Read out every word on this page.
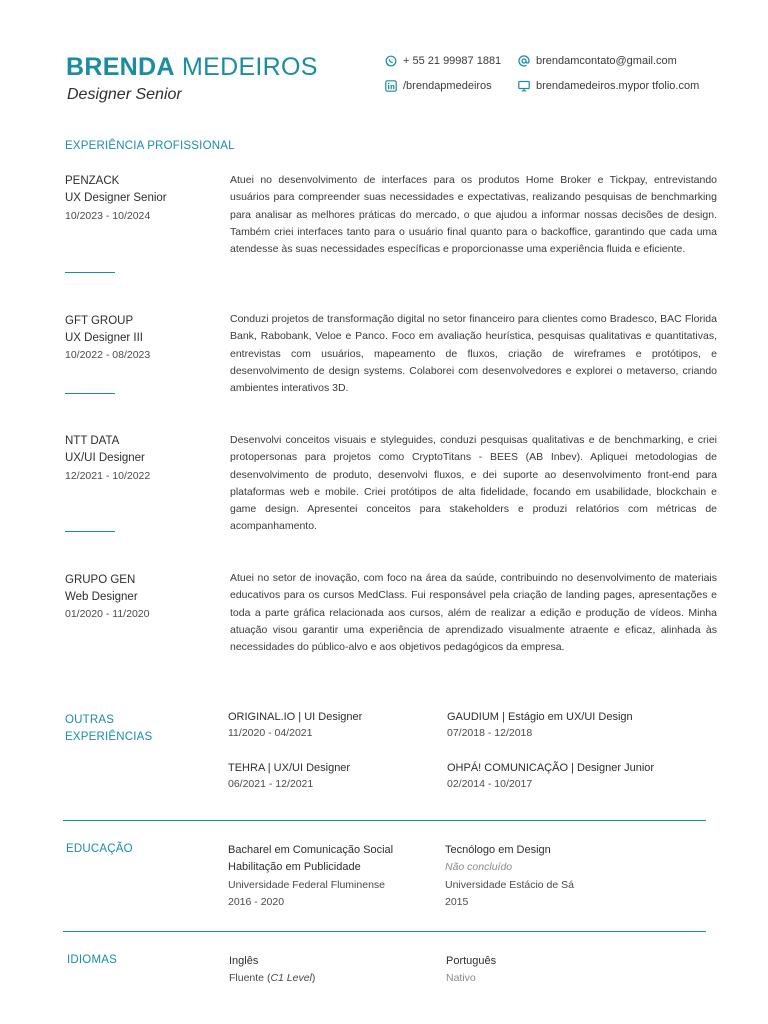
BRENDA MEDEIROS
Designer Senior
+ 55 21 99987 1881	brendamcontato@gmail.com
/brendapmedeiros	brendamedeiros.mypor tfolio.com
EXPERIÊNCIA PROFISSIONAL
PENZACK
UX Designer Senior
10/2023 - 10/2024
Atuei no desenvolvimento de interfaces para os produtos Home Broker e Tickpay, entrevistando usuários para compreender suas necessidades e expectativas, realizando pesquisas de benchmarking para analisar as melhores práticas do mercado, o que ajudou a informar nossas decisões de design. Também criei interfaces tanto para o usuário final quanto para o backoffice, garantindo que cada uma atendesse às suas necessidades específicas e proporcionasse uma experiência fluida e eficiente.
GFT GROUP
UX Designer III
10/2022 - 08/2023
Conduzi projetos de transformação digital no setor financeiro para clientes como Bradesco, BAC Florida Bank, Rabobank, Veloe e Panco. Foco em avaliação heurística, pesquisas qualitativas e quantitativas, entrevistas com usuários, mapeamento de fluxos, criação de wireframes e protótipos, e desenvolvimento de design systems. Colaborei com desenvolvedores e explorei o metaverso, criando ambientes interativos 3D.
NTT DATA
UX/UI Designer
12/2021 - 10/2022
Desenvolvi conceitos visuais e styleguides, conduzi pesquisas qualitativas e de benchmarking, e criei protopersonas para projetos como CryptoTitans - BEES (AB Inbev). Apliquei metodologias de desenvolvimento de produto, desenvolvi fluxos, e dei suporte ao desenvolvimento front-end para plataformas web e mobile. Criei protótipos de alta fidelidade, focando em usabilidade, blockchain e game design. Apresentei conceitos para stakeholders e produzi relatórios com métricas de acompanhamento.
GRUPO GEN
Web Designer
01/2020 - 11/2020
Atuei no setor de inovação, com foco na área da saúde, contribuindo no desenvolvimento de materiais educativos para os cursos MedClass. Fui responsável pela criação de landing pages, apresentações e toda a parte gráfica relacionada aos cursos, além de realizar a edição e produção de vídeos. Minha atuação visou garantir uma experiência de aprendizado visualmente atraente e eficaz, alinhada às necessidades do público-alvo e aos objetivos pedagógicos da empresa.
OUTRAS
EXPERIÊNCIAS
ORIGINAL.IO | UI Designer
11/2020 - 04/2021
GAUDIUM | Estágio em UX/UI Design
07/2018 - 12/2018
TEHRA | UX/UI Designer
06/2021 - 12/2021
OHPÁ! COMUNICAÇÃO | Designer Junior
02/2014 - 10/2017
EDUCAÇÃO	Bacharel em Comunicação Social
Habilitação em Publicidade
Universidade Federal Fluminense
2016 - 2020
Tecnólogo em Design
Não concluído
Universidade Estácio de Sá
2015
IDIOMAS	Inglês
Fluente (C1 Level)
Português
Nativo
